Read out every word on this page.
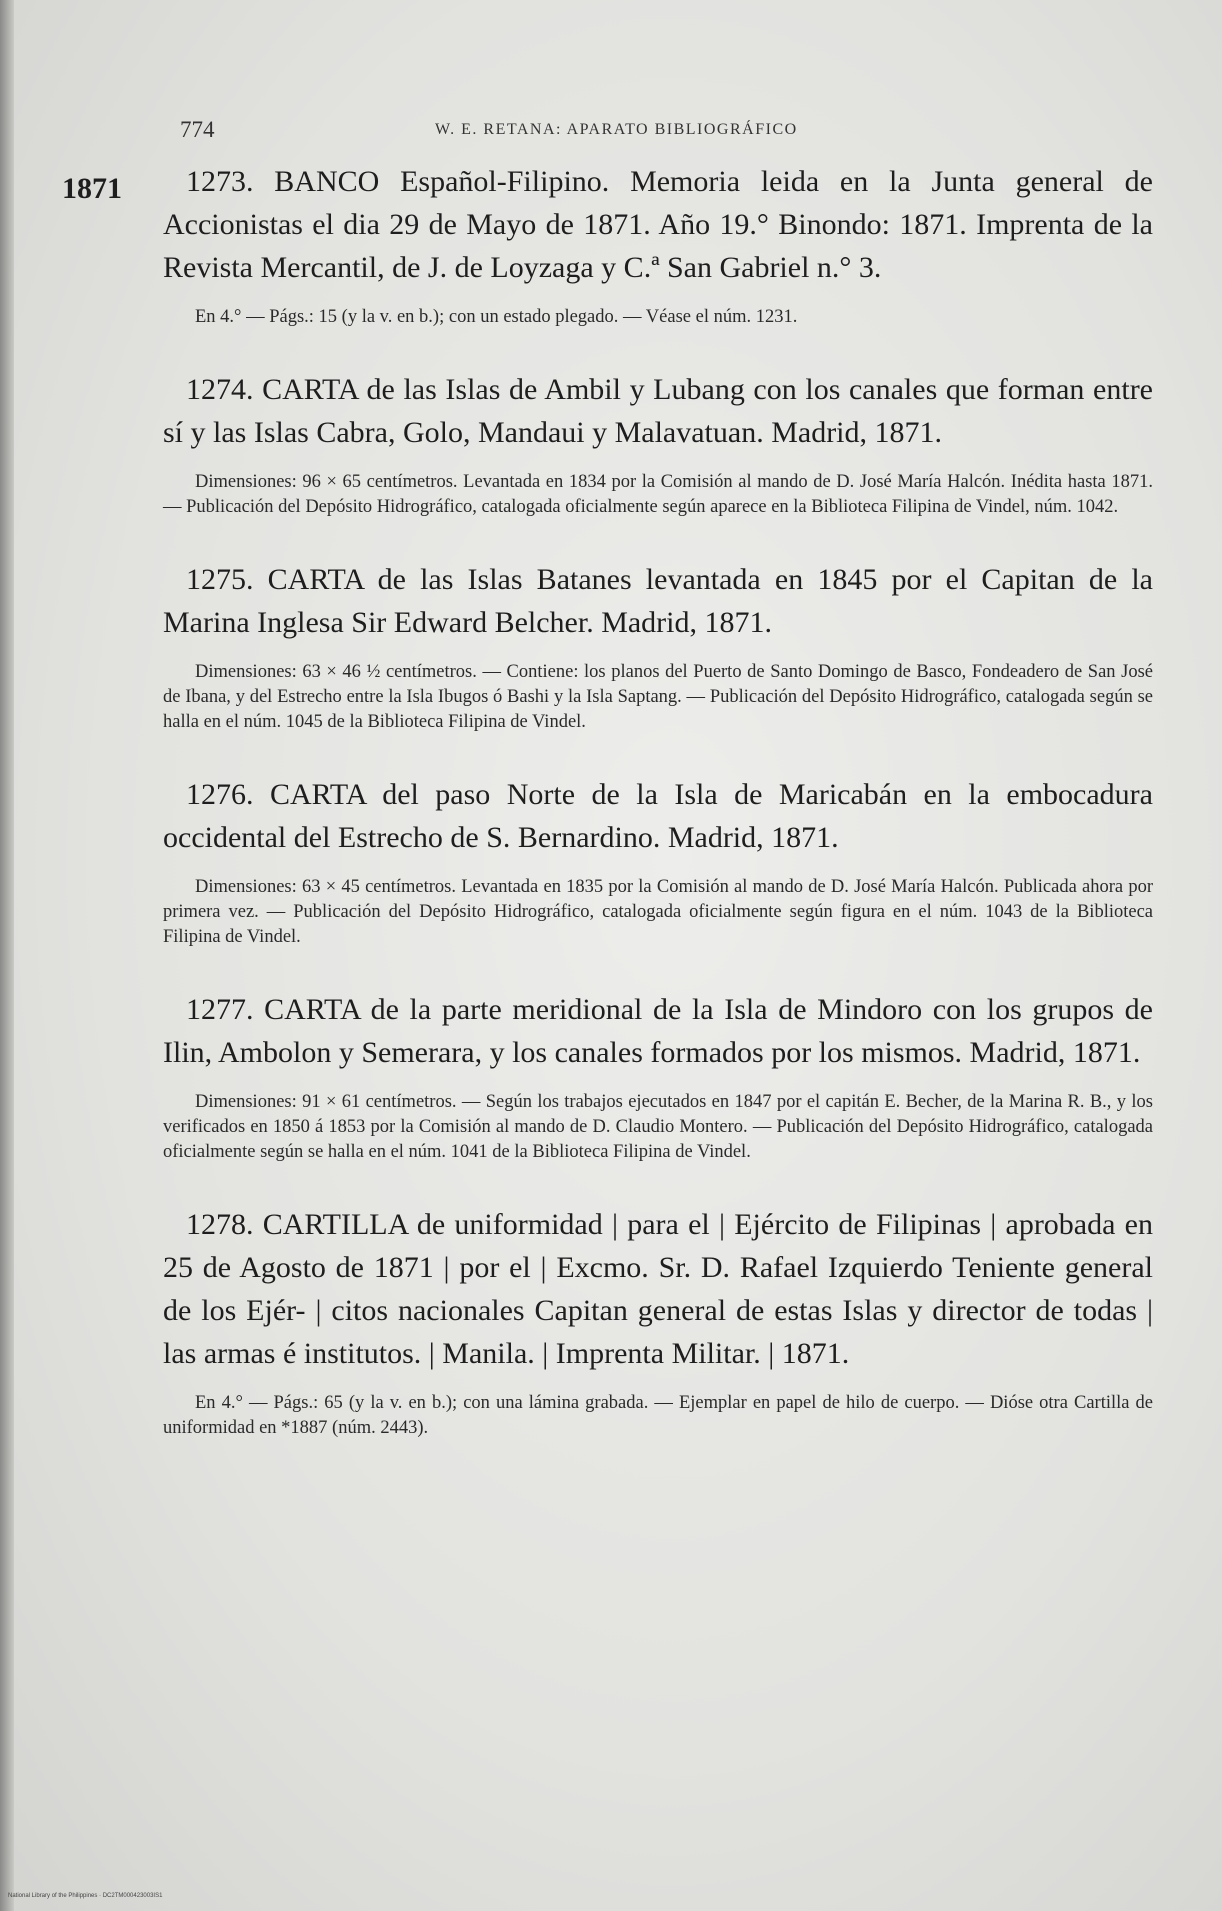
774	W. E. RETANA: APARATO BIBLIOGRÁFICO
1871	1273. BANCO Español-Filipino. Memoria leida en la Junta general de Accionistas el dia 29 de Mayo de 1871. Año 19.° Binondo: 1871. Imprenta de la Revista Mercantil, de J. de Loyzaga y C.ª San Gabriel n.° 3.

En 4.° — Págs.: 15 (y la v. en b.); con un estado plegado. — Véase el núm. 1231.

1274. CARTA de las Islas de Ambil y Lubang con los canales que forman entre sí y las Islas Cabra, Golo, Mandaui y Malavatuan. Madrid, 1871.

Dimensiones: 96 × 65 centímetros. Levantada en 1834 por la Comisión al mando de D. José María Halcón. Inédita hasta 1871. — Publicación del Depósito Hidrográfico, catalogada oficialmente según aparece en la Biblioteca Filipina de Vindel, núm. 1042.

1275. CARTA de las Islas Batanes levantada en 1845 por el Capitan de la Marina Inglesa Sir Edward Belcher. Madrid, 1871.

Dimensiones: 63 × 46 ½ centímetros. — Contiene: los planos del Puerto de Santo Domingo de Basco, Fondeadero de San José de Ibana, y del Estrecho entre la Isla Ibugos ó Bashi y la Isla Saptang. — Publicación del Depósito Hidrográfico, catalogada según se halla en el núm. 1045 de la Biblioteca Filipina de Vindel.

1276. CARTA del paso Norte de la Isla de Maricabán en la embocadura occidental del Estrecho de S. Bernardino. Madrid, 1871.

Dimensiones: 63 × 45 centímetros. Levantada en 1835 por la Comisión al mando de D. José María Halcón. Publicada ahora por primera vez. — Publicación del Depósito Hidrográfico, catalogada oficialmente según figura en el núm. 1043 de la Biblioteca Filipina de Vindel.

1277. CARTA de la parte meridional de la Isla de Mindoro con los grupos de Ilin, Ambolon y Semerara, y los canales formados por los mismos. Madrid, 1871.

Dimensiones: 91 × 61 centímetros. — Según los trabajos ejecutados en 1847 por el capitán E. Becher, de la Marina R. B., y los verificados en 1850 á 1853 por la Comisión al mando de D. Claudio Montero. — Publicación del Depósito Hidrográfico, catalogada oficialmente según se halla en el núm. 1041 de la Biblioteca Filipina de Vindel.

1278. CARTILLA de uniformidad | para el | Ejército de Filipinas | aprobada en 25 de Agosto de 1871 | por el | Excmo. Sr. D. Rafael Izquierdo Teniente general de los Ejér- | citos nacionales Capitan general de estas Islas y director de todas | las armas é institutos. | Manila. | Imprenta Militar. | 1871.

En 4.° — Págs.: 65 (y la v. en b.); con una lámina grabada. — Ejemplar en papel de hilo de cuerpo. — Dióse otra Cartilla de uniformidad en *1887 (núm. 2443).

National Library of the Philippines · DC2TM000423003IS1
